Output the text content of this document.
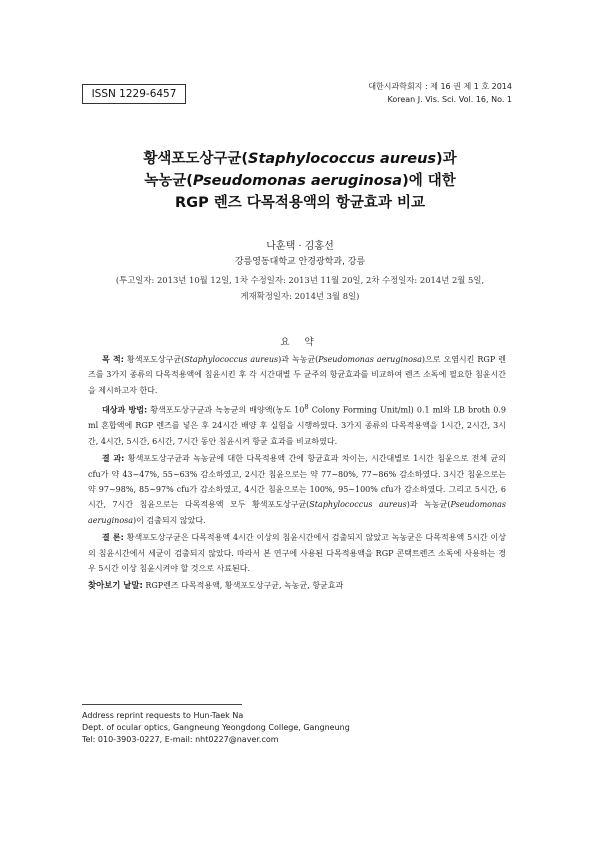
ISSN 1229-6457
대한시과학회지 : 제 16 권 제 1 호 2014
Korean J. Vis. Sci. Vol. 16, No. 1
황색포도상구균(Staphylococcus aureus)과
녹농균(Pseudomonas aeruginosa)에 대한
RGP 렌즈 다목적용액의 항균효과 비교
나훈택 · 김홍선
강릉영동대학교 안경광학과, 강릉
(투고일자: 2013년 10월 12일, 1차 수정일자: 2013년 11월 20일, 2차 수정일자: 2014년 2월 5일,
게재확정일자: 2014년 3월 8일)
요 약

목 적: 황색포도상구균(Staphylococcus aureus)과 녹농균(Pseudomonas aeruginosa)으로 오염시킨 RGP 렌즈를 3가지 종류의 다목적용액에 침윤시킨 후 각 시간대별 두 균주의 항균효과를 비교하여 렌즈 소독에 필요한 침윤시간을 제시하고자 한다.

대상과 방법: 황색포도상구균과 녹농균의 배양액(농도 $10^8$ Colony Forming Unit/ml) 0.1 ml와 LB broth 0.9 ml 혼합액에 RGP 렌즈를 넣은 후 24시간 배양 후 실험을 시행하였다. 3가지 종류의 다목적용액을 1시간, 2시간, 3시간, 4시간, 5시간, 6시간, 7시간 동안 침윤시켜 항균 효과를 비교하였다.

결 과: 황색포도상구균과 녹농균에 대한 다목적용액 간에 항균효과 차이는, 시간대별로 1시간 침윤으로 전체 균의 cfu가 약 43~47%, 55~63% 감소하였고, 2시간 침윤으로는 약 77~80%, 77~86% 감소하였다. 3시간 침윤으로는 약 97~98%, 85~97% cfu가 감소하였고, 4시간 침윤으로는 100%, 95~100% cfu가 감소하였다. 그리고 5시간, 6시간, 7시간 침윤으로는 다목적용액 모두 황색포도상구균(Staphylococcus aureus)과 녹농균(Pseudomonas aeruginosa)이 검출되지 않았다.

결 론: 황색포도상구균은 다목적용액 4시간 이상의 침윤시간에서 검출되지 않았고 녹농균은 다목적용액 5시간 이상의 침윤시간에서 세균이 검출되지 않았다. 따라서 본 연구에 사용된 다목적용액을 RGP 콘택트렌즈 소독에 사용하는 경우 5시간 이상 침윤시켜야 할 것으로 사료된다.

찾아보기 낱말: RGP렌즈 다목적용액, 황색포도상구균, 녹농균, 항균효과

Address reprint requests to Hun-Taek Na
Dept. of ocular optics, Gangneung Yeongdong College, Gangneung
Tel: 010-3903-0227, E-mail: nht0227@naver.com
